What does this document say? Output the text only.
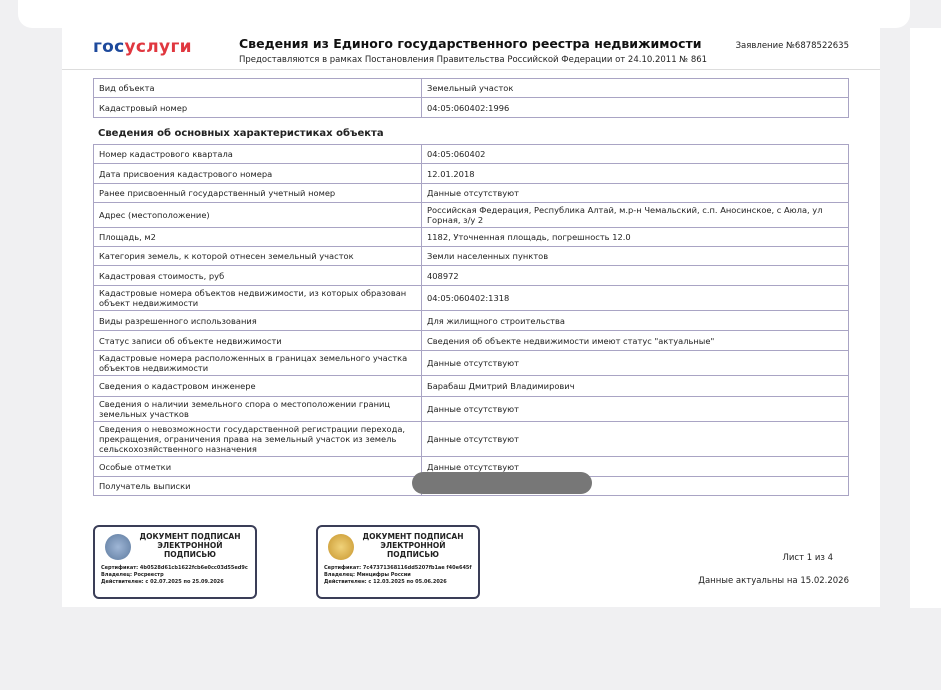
госуслуги	Сведения из Единого государственного реестра недвижимости
Предоставляются в рамках Постановления Правительства Российской Федерации от 24.10.2011 № 861
Заявление №6878522635
Вид объекта	Земельный участок
Кадастровый номер	04:05:060402:1996
Сведения об основных характеристиках объекта
Номер кадастрового квартала	04:05:060402
Дата присвоения кадастрового номера	12.01.2018
Ранее присвоенный государственный учетный номер	Данные отсутствуют
Адрес (местоположение)	Российская Федерация, Республика Алтай, м.р-н Чемальский, с.п. Аносинское, с Аюла, ул Горная, з/у 2
Площадь, м2	1182, Уточненная площадь, погрешность 12.0
Категория земель, к которой отнесен земельный участок	Земли населенных пунктов
Кадастровая стоимость, руб	408972
Кадастровые номера объектов недвижимости, из которых образован объект недвижимости	04:05:060402:1318
Виды разрешенного использования	Для жилищного строительства
Статус записи об объекте недвижимости	Сведения об объекте недвижимости имеют статус "актуальные"
Кадастровые номера расположенных в границах земельного участка объектов недвижимости	Данные отсутствуют
Сведения о кадастровом инженере	Барабаш Дмитрий Владимирович
Сведения о наличии земельного спора о местоположении границ земельных участков	Данные отсутствуют
Сведения о невозможности государственной регистрации перехода, прекращения, ограничения права на земельный участок из земель сельскохозяйственного назначения	Данные отсутствуют
Особые отметки	Данные отсутствуют
Получатель выписки	
ДОКУМЕНТ ПОДПИСАН ЭЛЕКТРОННОЙ ПОДПИСЬЮ
Сертификат: 4b0528d61cb1622fcb6e0cc03d55ed9c
Владелец: Росреестр
Действителен: с 02.07.2025 по 25.09.2026
ДОКУМЕНТ ПОДПИСАН ЭЛЕКТРОННОЙ ПОДПИСЬЮ
Сертификат: 7c47371368116dd5207fb1ae f40e645f
Владелец: Минцифры России
Действителен: с 12.03.2025 по 05.06.2026
Лист 1 из 4
Данные актуальны на 15.02.2026
